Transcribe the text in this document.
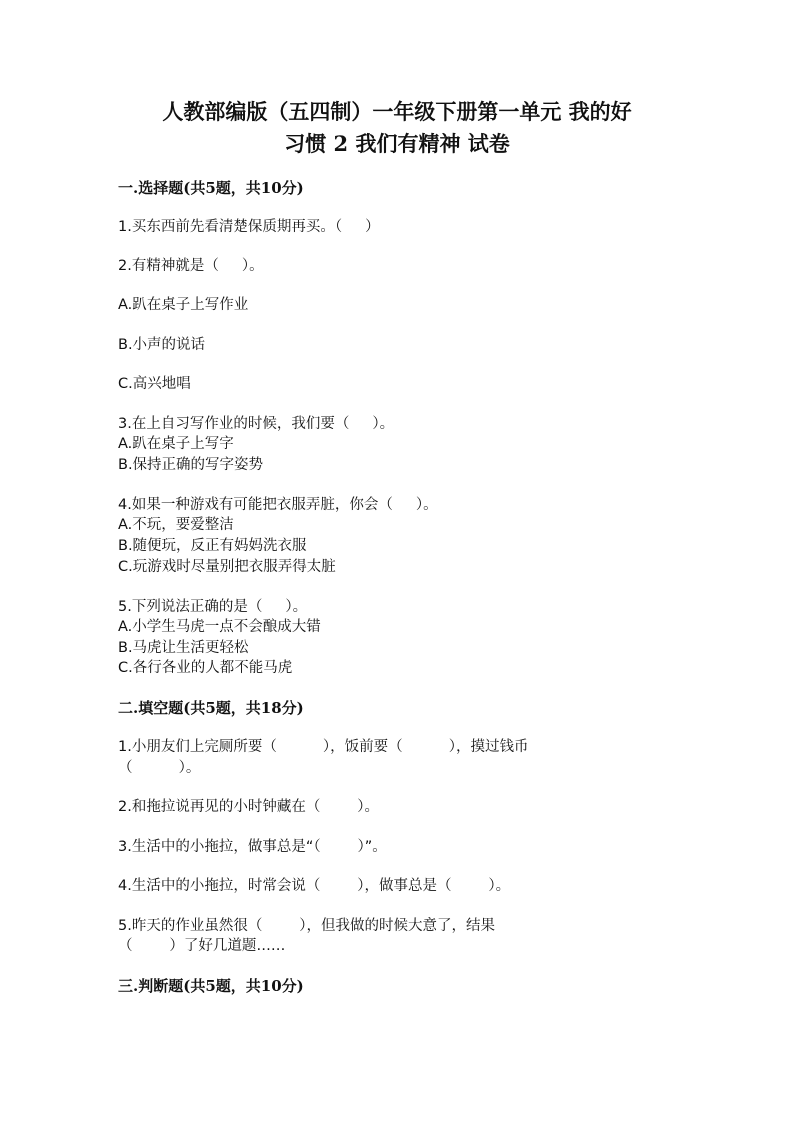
人教部编版（五四制）一年级下册第一单元 我的好
习惯 2 我们有精神 试卷
一.选择题(共5题，共10分)
1.买东西前先看清楚保质期再买。（     ）
2.有精神就是（     ）。
A.趴在桌子上写作业
B.小声的说话
C.高兴地唱
3.在上自习写作业的时候，我们要（     ）。
A.趴在桌子上写字
B.保持正确的写字姿势
4.如果一种游戏有可能把衣服弄脏，你会（     ）。
A.不玩，要爱整洁
B.随便玩，反正有妈妈洗衣服
C.玩游戏时尽量别把衣服弄得太脏
5.下列说法正确的是（     ）。
A.小学生马虎一点不会酿成大错
B.马虎让生活更轻松
C.各行各业的人都不能马虎
二.填空题(共5题，共18分)
1.小朋友们上完厕所要（          ），饭前要（          ），摸过钱币
（          ）。
2.和拖拉说再见的小时钟藏在（        ）。
3.生活中的小拖拉，做事总是“（        ）”。
4.生活中的小拖拉，时常会说（        ），做事总是（        ）。
5.昨天的作业虽然很（        ），但我做的时候大意了，结果
（        ）了好几道题……
三.判断题(共5题，共10分)
